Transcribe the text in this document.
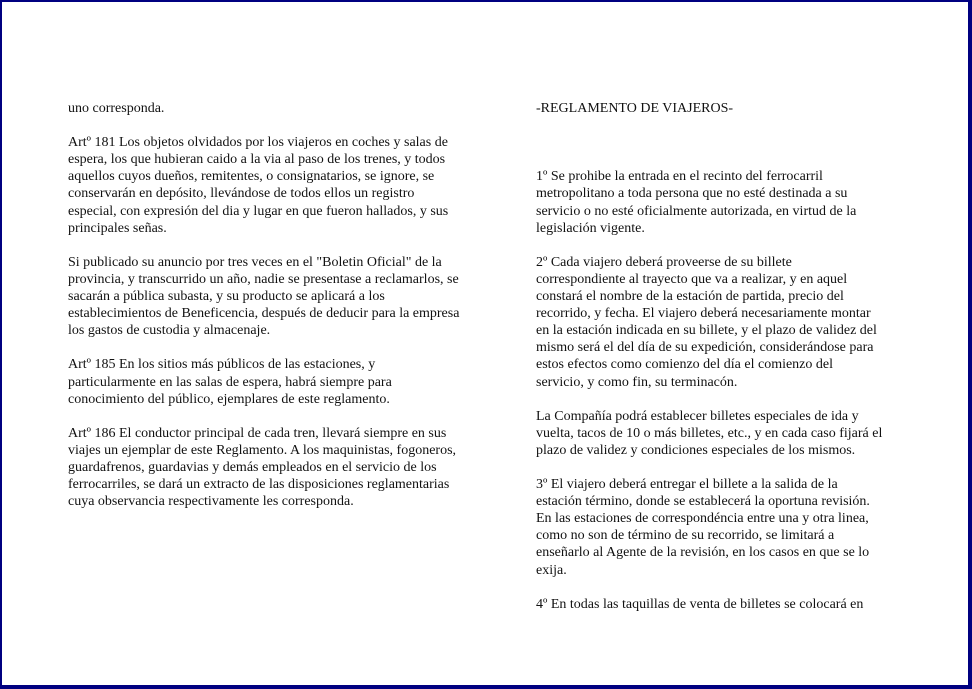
uno corresponda.

Artº 181 Los objetos olvidados por los viajeros en coches y salas de
espera, los que hubieran caido a la via al paso de los trenes, y todos
aquellos cuyos dueños, remitentes, o consignatarios, se ignore, se
conservarán en depósito, llevándose de todos ellos un registro
especial, con expresión del dia y lugar en que fueron hallados, y sus
principales señas.

Si publicado su anuncio por tres veces en el "Boletin Oficial" de la
provincia, y transcurrido un año, nadie se presentase a reclamarlos, se
sacarán a pública subasta, y su producto se aplicará a los
establecimientos de Beneficencia, después de deducir para la empresa
los gastos de custodia y almacenaje.

Artº 185 En los sitios más públicos de las estaciones, y
particularmente en las salas de espera, habrá siempre para
conocimiento del público, ejemplares de este reglamento.

Artº 186 El conductor principal de cada tren, llevará siempre en sus
viajes un ejemplar de este Reglamento. A los maquinistas, fogoneros,
guardafrenos, guardavias y demás empleados en el servicio de los
ferrocarriles, se dará un extracto de las disposiciones reglamentarias
cuya observancia respectivamente les corresponda.

-REGLAMENTO DE VIAJEROS-

1º Se prohibe la entrada en el recinto del ferrocarril
metropolitano a toda persona que no esté destinada a su
servicio o no esté oficialmente autorizada, en virtud de la
legislación vigente.

2º Cada viajero deberá proveerse de su billete
correspondiente al trayecto que va a realizar, y en aquel
constará el nombre de la estación de partida, precio del
recorrido, y fecha. El viajero deberá necesariamente montar
en la estación indicada en su billete, y el plazo de validez del
mismo será el del día de su expedición, considerándose para
estos efectos como comienzo del día el comienzo del
servicio, y como fin, su terminacón.

La Compañía podrá establecer billetes especiales de ida y
vuelta, tacos de 10 o más billetes, etc., y en cada caso fijará el
plazo de validez y condiciones especiales de los mismos.

3º El viajero deberá entregar el billete a la salida de la
estación término, donde se establecerá la oportuna revisión.
En las estaciones de correspondéncia entre una y otra linea,
como no son de término de su recorrido, se limitará a
enseñarlo al Agente de la revisión, en los casos en que se lo
exija.

4º En todas las taquillas de venta de billetes se colocará en
